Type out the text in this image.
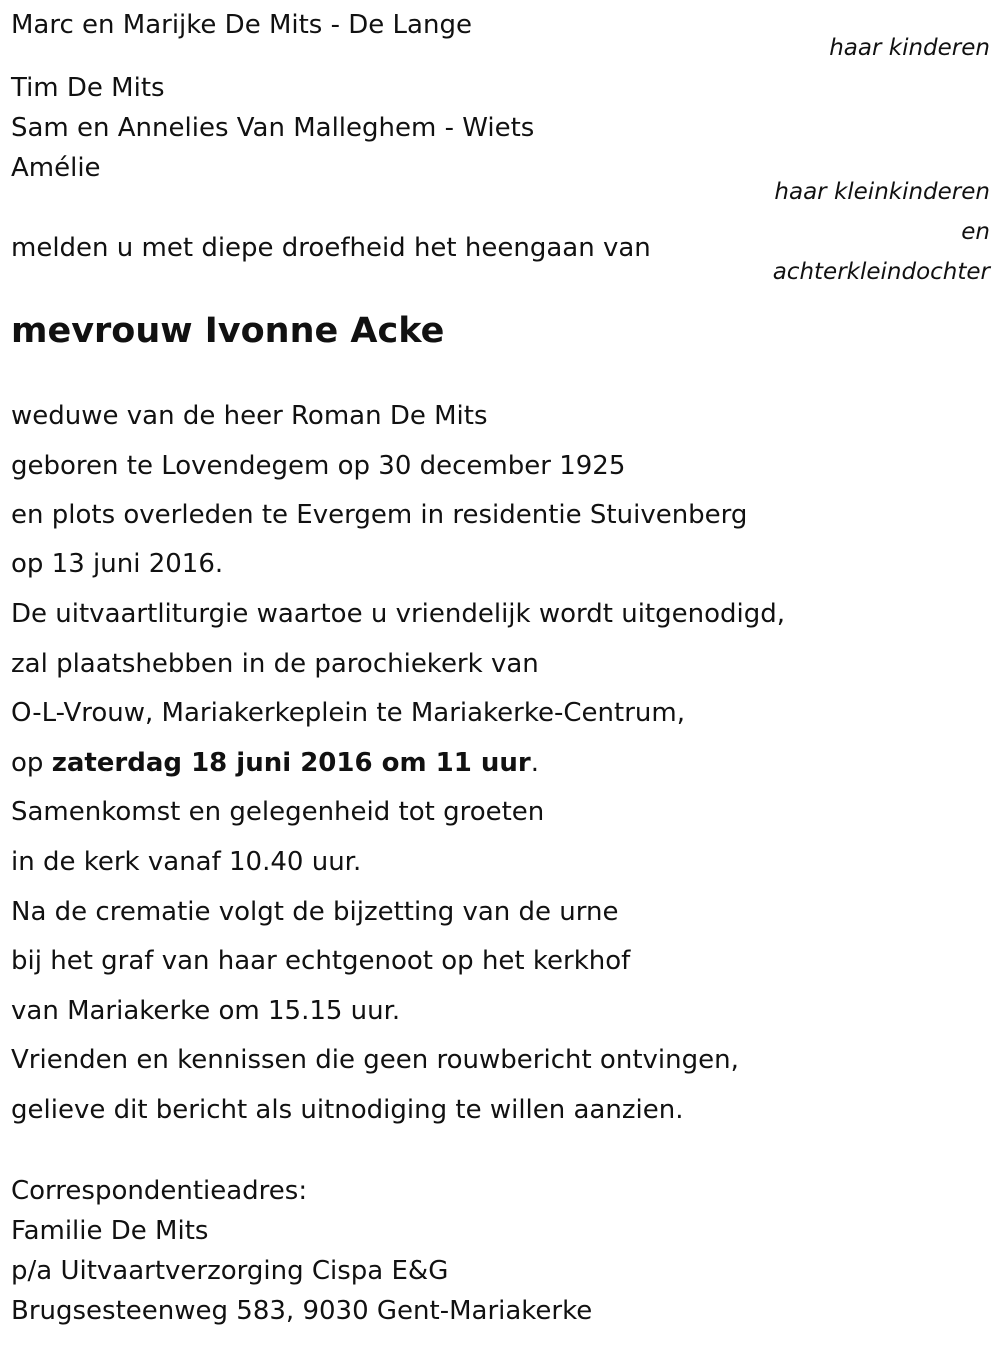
Marc en Marijke De Mits - De Lange
haar kinderen
Tim De Mits
Sam en Annelies Van Malleghem - Wiets
Amélie
haar kleinkinderen
en
achterkleindochter
melden u met diepe droefheid het heengaan van
mevrouw Ivonne Acke
weduwe van de heer Roman De Mits
geboren te Lovendegem op 30 december 1925
en plots overleden te Evergem in residentie Stuivenberg
op 13 juni 2016.
De uitvaartliturgie waartoe u vriendelijk wordt uitgenodigd,
zal plaatshebben in de parochiekerk van
O-L-Vrouw, Mariakerkeplein te Mariakerke-Centrum,
op zaterdag 18 juni 2016 om 11 uur.
Samenkomst en gelegenheid tot groeten
in de kerk vanaf 10.40 uur.
Na de crematie volgt de bijzetting van de urne
bij het graf van haar echtgenoot op het kerkhof
van Mariakerke om 15.15 uur.
Vrienden en kennissen die geen rouwbericht ontvingen,
gelieve dit bericht als uitnodiging te willen aanzien.
Correspondentieadres:
Familie De Mits
p/a Uitvaartverzorging Cispa E&G
Brugsesteenweg 583, 9030 Gent-Mariakerke
